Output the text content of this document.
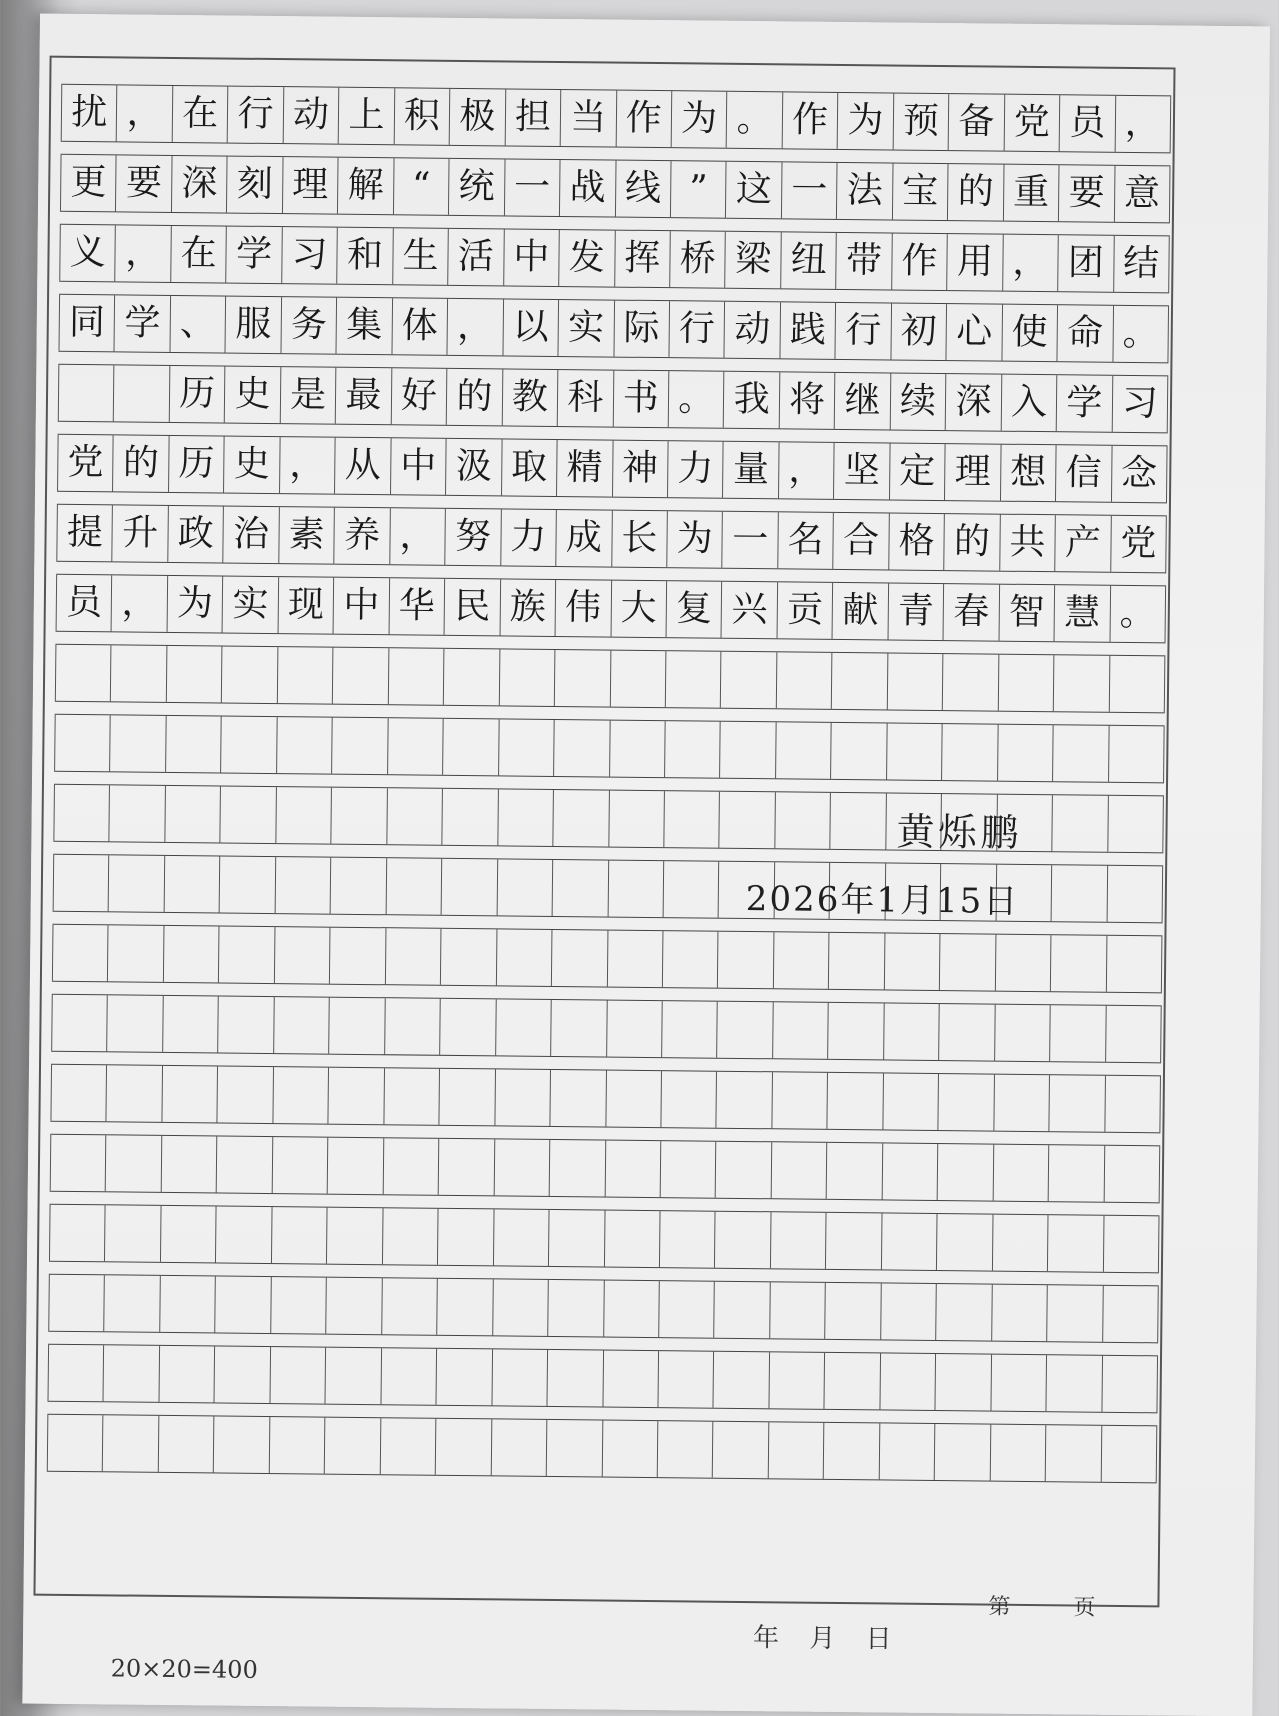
扰 ， 在 行 动 上 积 极 担 当 作 为 。 作 为 预 备 党 员 ，
更 要 深 刻 理 解 “ 统 一 战 线 ” 这 一 法 宝 的 重 要 意
义 ， 在 学 习 和 生 活 中 发 挥 桥 梁 纽 带 作 用 ， 团 结
同 学 、 服 务 集 体 ， 以 实 际 行 动 践 行 初 心 使 命 。
历 史 是 最 好 的 教 科 书 。 我 将 继 续 深 入 学 习
党 的 历 史 ， 从 中 汲 取 精 神 力 量 ， 坚 定 理 想 信 念
提 升 政 治 素 养 ， 努 力 成 长 为 一 名 合 格 的 共 产 党
员 ， 为 实 现 中 华 民 族 伟 大 复 兴 贡 献 青 春 智 慧 。
黄烁鹏
2026年1月15日
年 月 日
第	页
20×20=400
